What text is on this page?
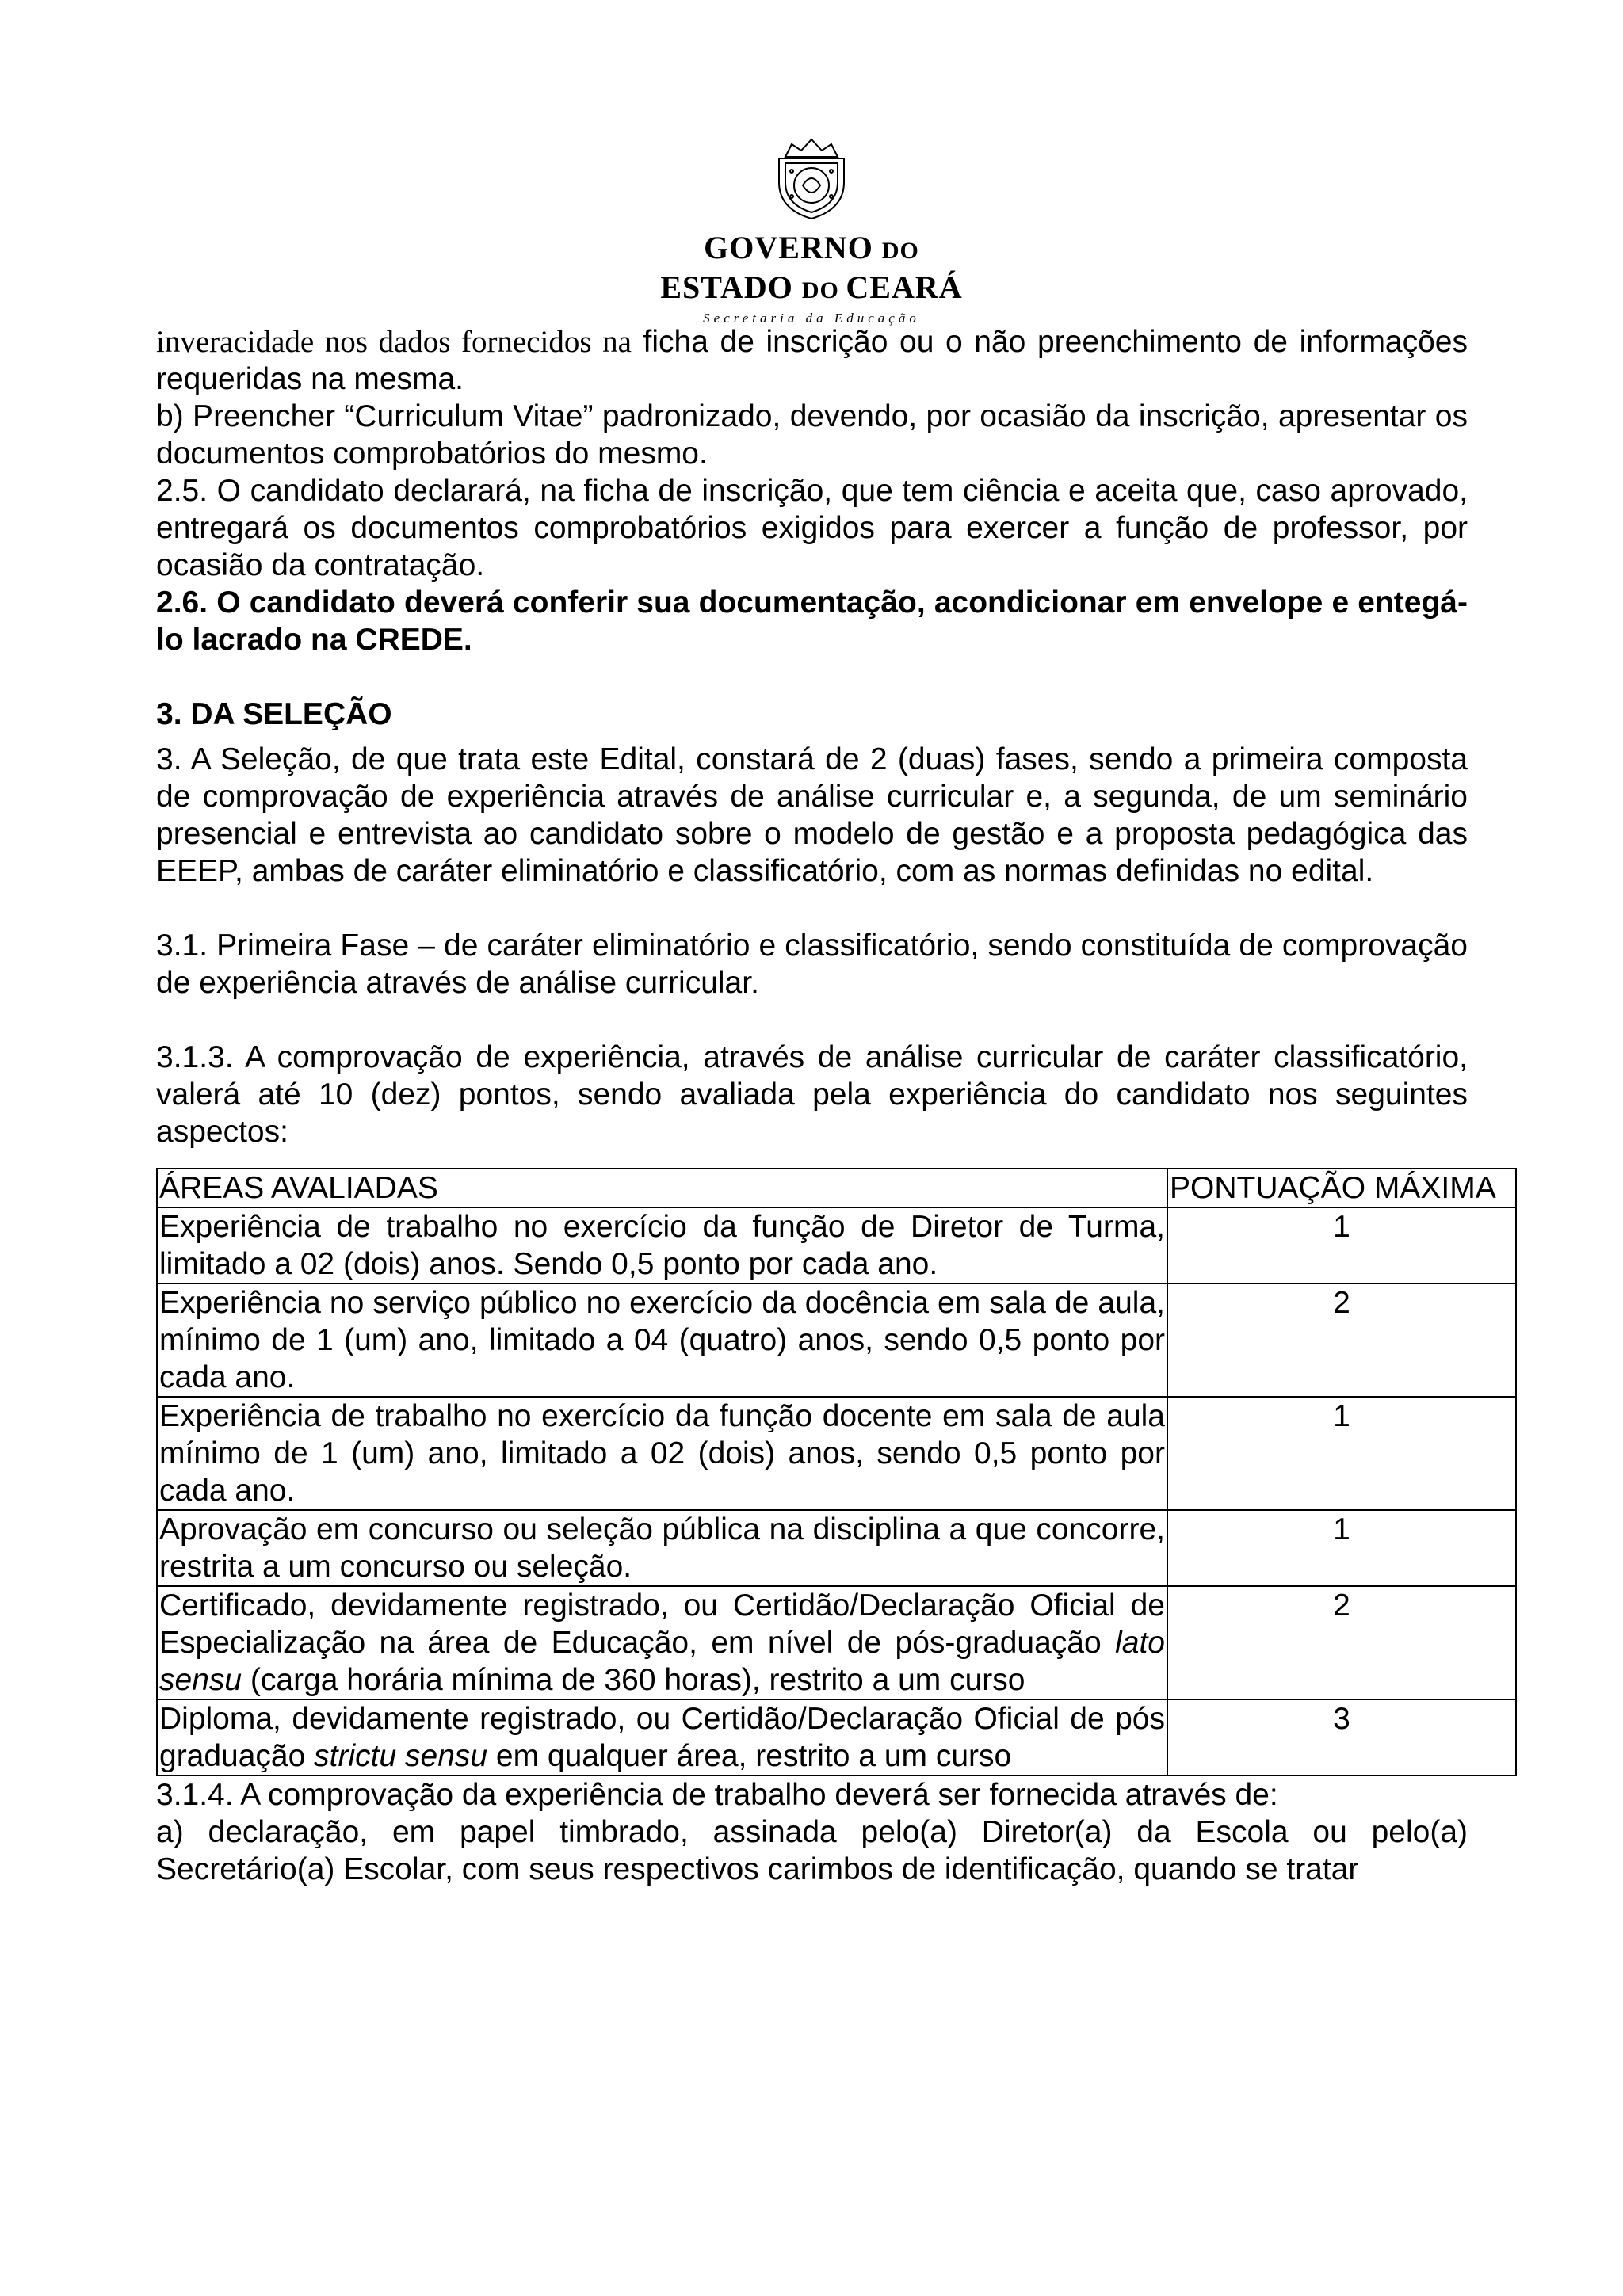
GOVERNO DO
ESTADO DO CEARÁ
Secretaria da Educação

inveracidade nos dados fornecidos na ficha de inscrição ou o não preenchimento de informações requeridas na mesma.

b) Preencher “Curriculum Vitae” padronizado, devendo, por ocasião da inscrição, apresentar os documentos comprobatórios do mesmo.

2.5. O candidato declarará, na ficha de inscrição, que tem ciência e aceita que, caso aprovado, entregará os documentos comprobatórios exigidos para exercer a função de professor, por ocasião da contratação.

2.6. O candidato deverá conferir sua documentação, acondicionar em envelope e entegá-lo lacrado na CREDE.

3. DA SELEÇÃO

3. A Seleção, de que trata este Edital, constará de 2 (duas) fases, sendo a primeira composta de comprovação de experiência através de análise curricular e, a segunda, de um seminário presencial e entrevista ao candidato sobre o modelo de gestão e a proposta pedagógica das EEEP, ambas de caráter eliminatório e classificatório, com as normas definidas no edital.

3.1. Primeira Fase – de caráter eliminatório e classificatório, sendo constituída de comprovação de experiência através de análise curricular.

3.1.3. A comprovação de experiência, através de análise curricular de caráter classificatório, valerá até 10 (dez) pontos, sendo avaliada pela experiência do candidato nos seguintes aspectos:

ÁREAS AVALIADAS	PONTUAÇÃO MÁXIMA
Experiência de trabalho no exercício da função de Diretor de Turma, limitado a 02 (dois) anos. Sendo 0,5 ponto por cada ano.	1
Experiência no serviço público no exercício da docência em sala de aula, mínimo de 1 (um) ano, limitado a 04 (quatro) anos, sendo 0,5 ponto por cada ano.	2
Experiência de trabalho no exercício da função docente em sala de aula mínimo de 1 (um) ano, limitado a 02 (dois) anos, sendo 0,5 ponto por cada ano.	1
Aprovação em concurso ou seleção pública na disciplina a que concorre, restrita a um concurso ou seleção.	1
Certificado, devidamente registrado, ou Certidão/Declaração Oficial de Especialização na área de Educação, em nível de pós-graduação lato sensu (carga horária mínima de 360 horas), restrito a um curso	2
Diploma, devidamente registrado, ou Certidão/Declaração Oficial de pós graduação strictu sensu em qualquer área, restrito a um curso	3

3.1.4. A comprovação da experiência de trabalho deverá ser fornecida através de:

a) declaração, em papel timbrado, assinada pelo(a) Diretor(a) da Escola ou pelo(a) Secretário(a) Escolar, com seus respectivos carimbos de identificação, quando se tratar
